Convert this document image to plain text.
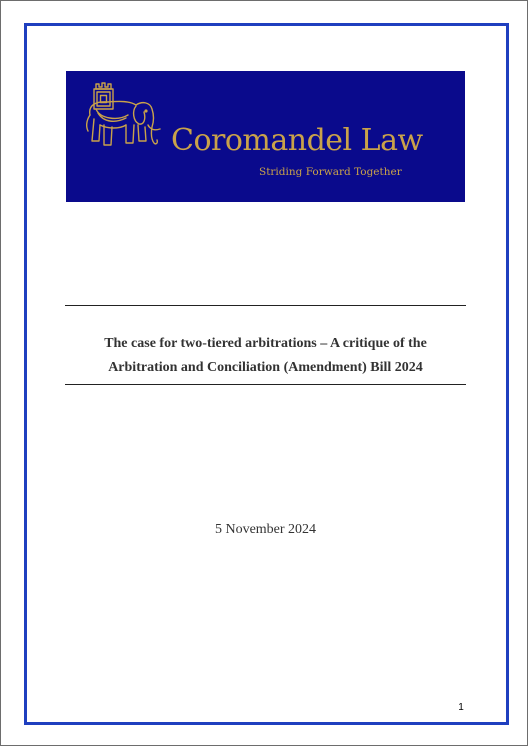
Coromandel Law
Striding Forward Together
The case for two-tiered arbitrations – A critique of the
Arbitration and Conciliation (Amendment) Bill 2024
5 November 2024
1
